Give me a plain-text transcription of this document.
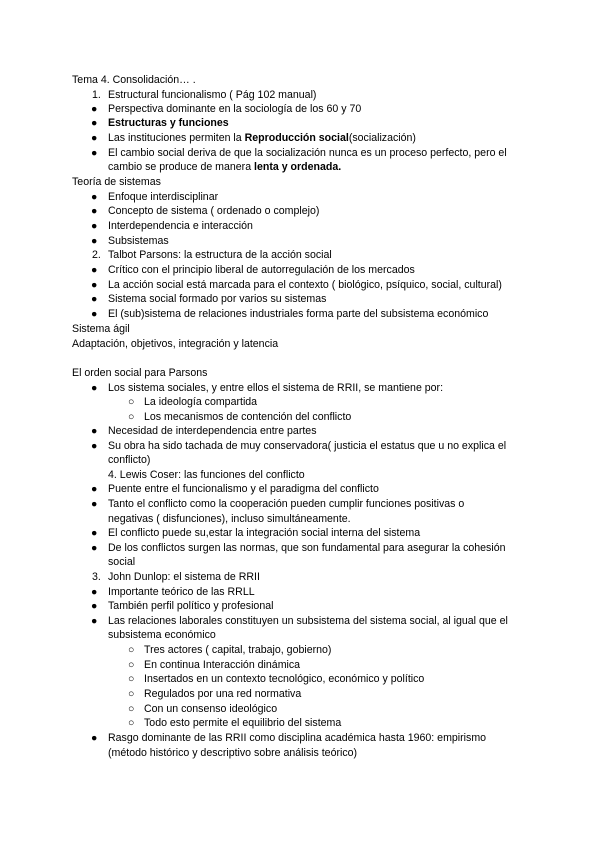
Tema 4. Consolidación… .
1. Estructural funcionalismo ( Pág 102 manual)
● Perspectiva dominante en la sociología de los 60 y 70
● Estructuras y funciones
● Las instituciones permiten la Reproducción social(socialización)
● El cambio social deriva de que la socialización nunca es un proceso perfecto, pero el
cambio se produce de manera lenta y ordenada.
Teoría de sistemas
● Enfoque interdisciplinar
● Concepto de sistema ( ordenado o complejo)
● Interdependencia e interacción
● Subsistemas
2. Talbot Parsons: la estructura de la acción social
● Crítico con el principio liberal de autorregulación de los mercados
● La acción social está marcada para el contexto ( biológico, psíquico, social, cultural)
● Sistema social formado por varios su sistemas
● El (sub)sistema de relaciones industriales forma parte del subsistema económico
Sistema ágil
Adaptación, objetivos, integración y latencia
El orden social para Parsons
● Los sistema sociales, y entre ellos el sistema de RRII, se mantiene por:
○ La ideología compartida
○ Los mecanismos de contención del conflicto
● Necesidad de interdependencia entre partes
● Su obra ha sido tachada de muy conservadora( justicia el estatus que u no explica el
conflicto)
4. Lewis Coser: las funciones del conflicto
● Puente entre el funcionalismo y el paradigma del conflicto
● Tanto el conflicto como la cooperación pueden cumplir funciones positivas o
negativas ( disfunciones), incluso simultáneamente.
● El conflicto puede su,estar la integración social interna del sistema
● De los conflictos surgen las normas, que son fundamental para asegurar la cohesión
social
3. John Dunlop: el sistema de RRII
● Importante teórico de las RRLL
● También perfil político y profesional
● Las relaciones laborales constituyen un subsistema del sistema social, al igual que el
subsistema económico
○ Tres actores ( capital, trabajo, gobierno)
○ En continua Interacción dinámica
○ Insertados en un contexto tecnológico, económico y político
○ Regulados por una red normativa
○ Con un consenso ideológico
○ Todo esto permite el equilibrio del sistema
● Rasgo dominante de las RRII como disciplina académica hasta 1960: empirismo
(método histórico y descriptivo sobre análisis teórico)
